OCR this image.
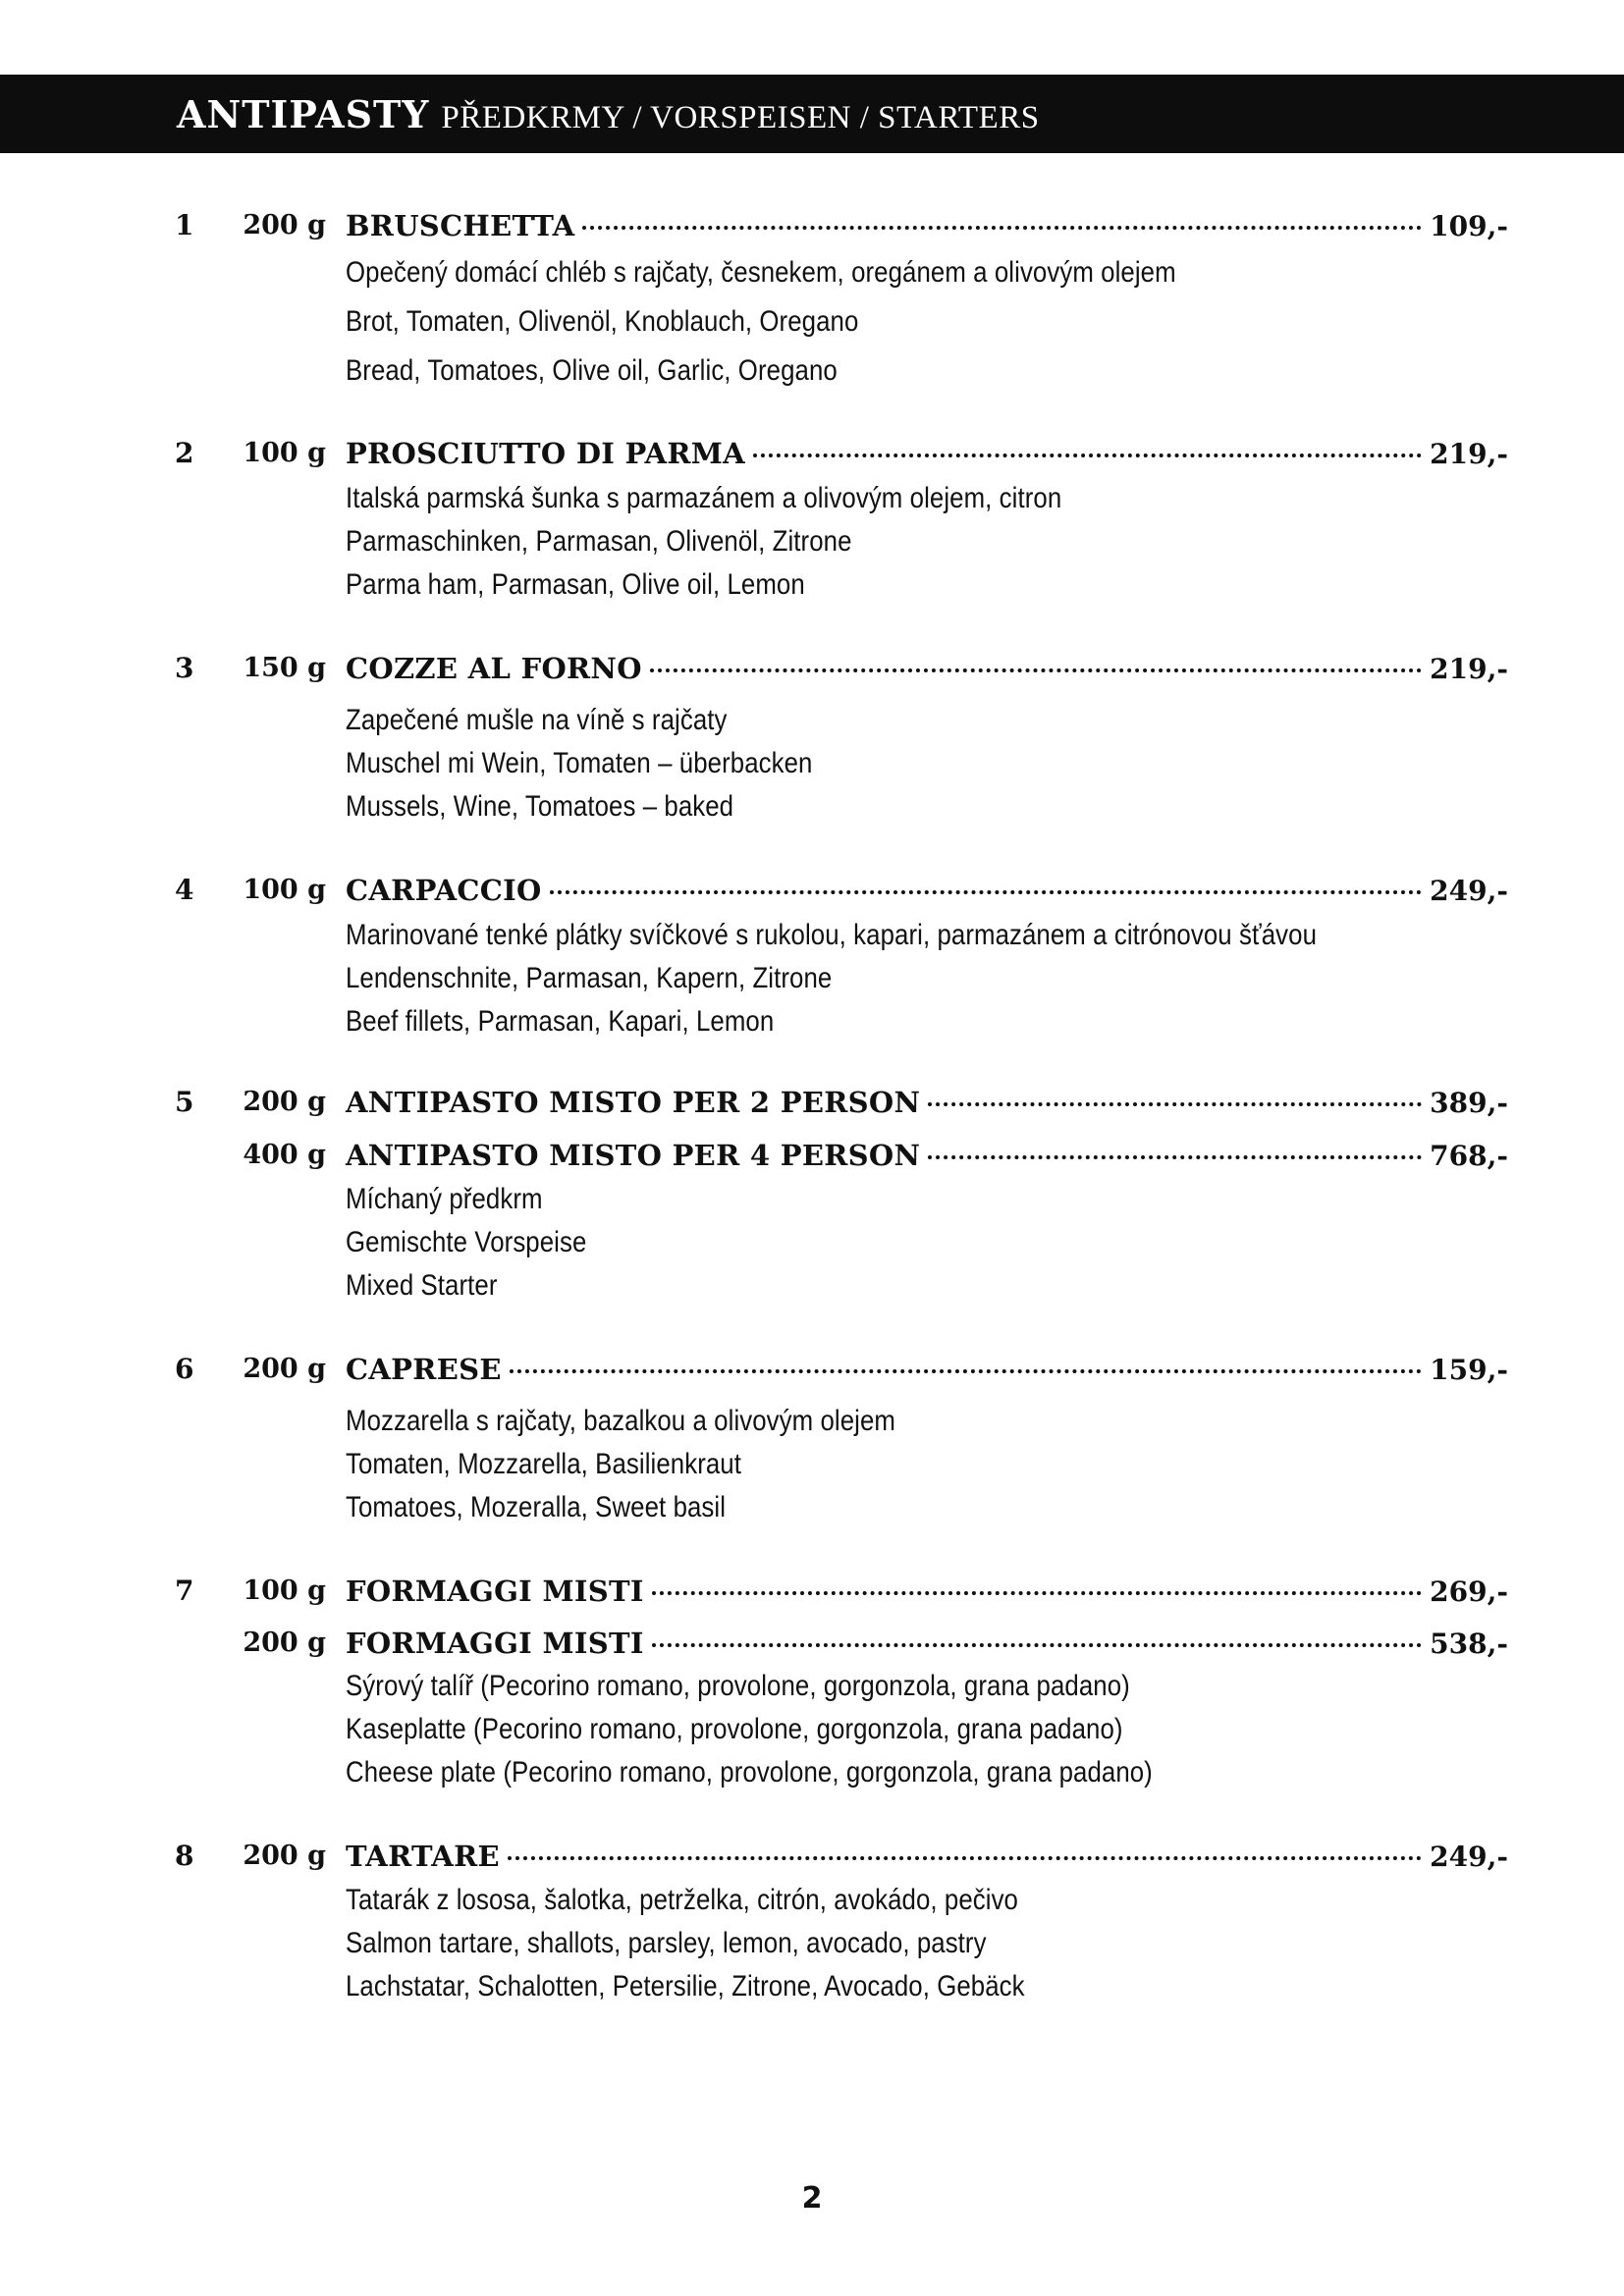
ANTIPASTY PŘEDKRMY / VORSPEISEN / STARTERS
1	200 g BRUSCHETTA	109,-
Opečený domácí chléb s rajčaty, česnekem, oregánem a olivovým olejem
Brot, Tomaten, Olivenöl, Knoblauch, Oregano
Bread, Tomatoes, Olive oil, Garlic, Oregano
2	100 g PROSCIUTTO DI PARMA	219,-
Italská parmská šunka s parmazánem a olivovým olejem, citron
Parmaschinken, Parmasan, Olivenöl, Zitrone
Parma ham, Parmasan, Olive oil, Lemon
3	150 g COZZE AL FORNO	219,-
Zapečené mušle na víně s rajčaty
Muschel mi Wein, Tomaten – überbacken
Mussels, Wine, Tomatoes – baked
4	100 g CARPACCIO	249,-
Marinované tenké plátky svíčkové s rukolou, kapari, parmazánem a citrónovou šťávou
Lendenschnite, Parmasan, Kapern, Zitrone
Beef fillets, Parmasan, Kapari, Lemon
5	200 g ANTIPASTO MISTO PER 2 PERSON	389,-
400 g ANTIPASTO MISTO PER 4 PERSON	768,-
Míchaný předkrm
Gemischte Vorspeise
Mixed Starter
6	200 g CAPRESE	159,-
Mozzarella s rajčaty, bazalkou a olivovým olejem
Tomaten, Mozzarella, Basilienkraut
Tomatoes, Mozeralla, Sweet basil
7	100 g FORMAGGI MISTI	269,-
200 g FORMAGGI MISTI	538,-
Sýrový talíř (Pecorino romano, provolone, gorgonzola, grana padano)
Kaseplatte (Pecorino romano, provolone, gorgonzola, grana padano)
Cheese plate (Pecorino romano, provolone, gorgonzola, grana padano)
8	200 g TARTARE	249,-
Tatarák z lososa, šalotka, petrželka, citrón, avokádo, pečivo
Salmon tartare, shallots, parsley, lemon, avocado, pastry
Lachstatar, Schalotten, Petersilie, Zitrone, Avocado, Gebäck
2
